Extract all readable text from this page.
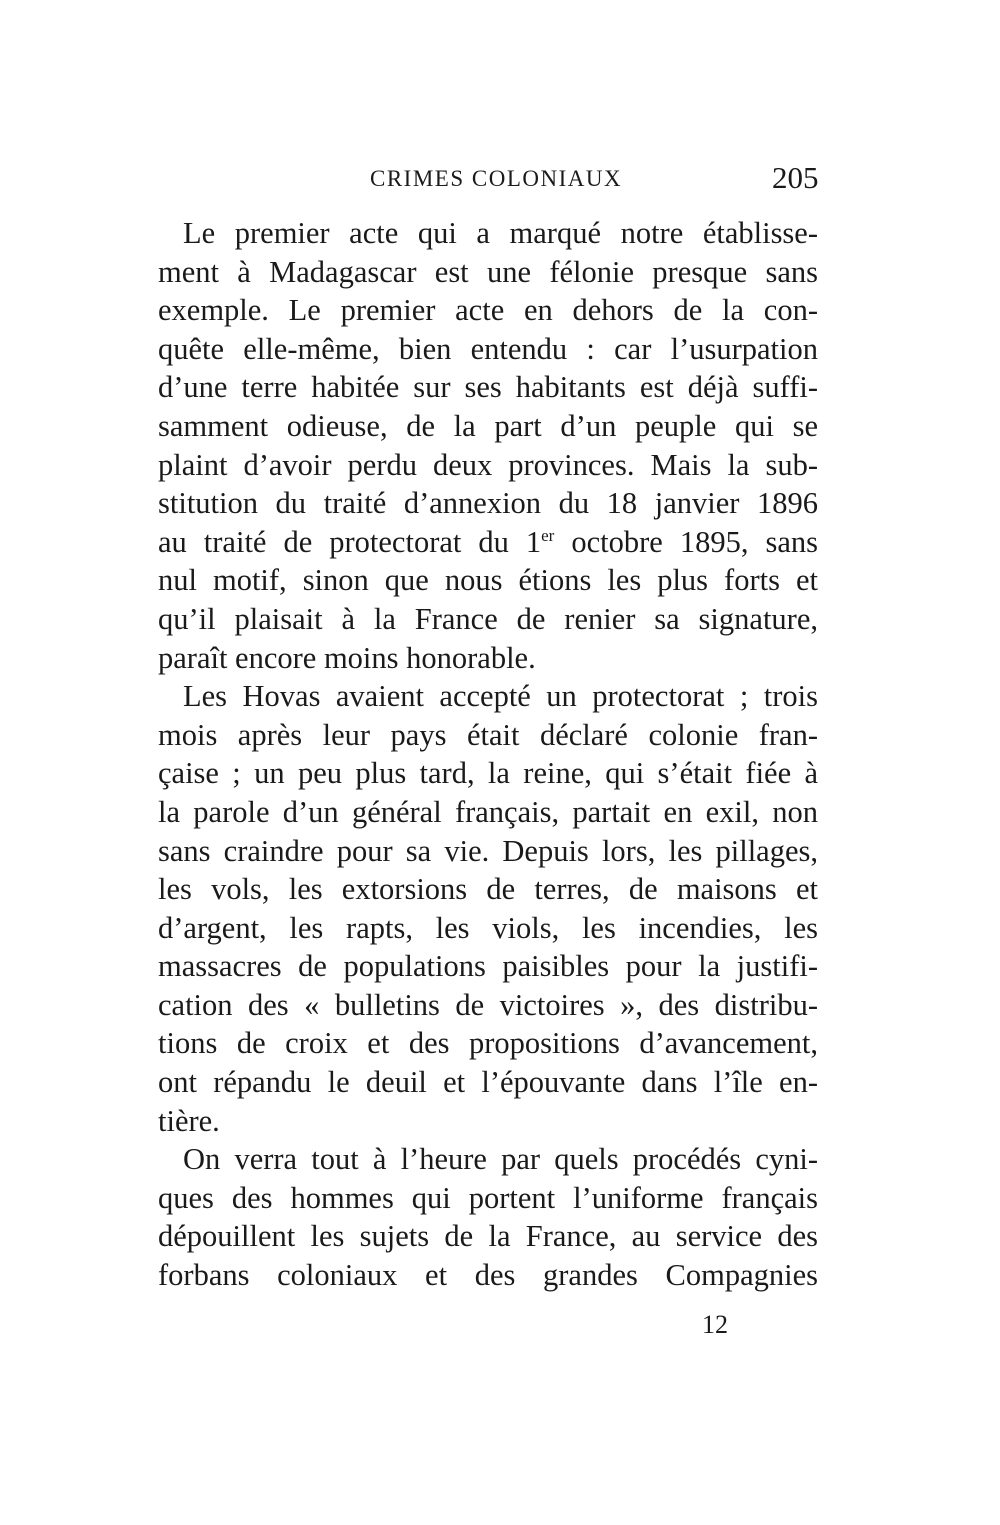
CRIMES COLONIAUX	205
Le premier acte qui a marqué notre établisse-
ment à Madagascar est une félonie presque sans
exemple. Le premier acte en dehors de la con-
quête elle-même, bien entendu : car l’usurpation
d’une terre habitée sur ses habitants est déjà suffi-
samment odieuse, de la part d’un peuple qui se
plaint d’avoir perdu deux provinces. Mais la sub-
stitution du traité d’annexion du 18 janvier 1896
au traité de protectorat du 1er octobre 1895, sans
nul motif, sinon que nous étions les plus forts et
qu’il plaisait à la France de renier sa signature,
paraît encore moins honorable.
Les Hovas avaient accepté un protectorat ; trois
mois après leur pays était déclaré colonie fran-
çaise ; un peu plus tard, la reine, qui s’était fiée à
la parole d’un général français, partait en exil, non
sans craindre pour sa vie. Depuis lors, les pillages,
les vols, les extorsions de terres, de maisons et
d’argent, les rapts, les viols, les incendies, les
massacres de populations paisibles pour la justifi-
cation des « bulletins de victoires », des distribu-
tions de croix et des propositions d’avancement,
ont répandu le deuil et l’épouvante dans l’île en-
tière.
On verra tout à l’heure par quels procédés cyni-
ques des hommes qui portent l’uniforme français
dépouillent les sujets de la France, au service des
forbans coloniaux et des grandes Compagnies
12
